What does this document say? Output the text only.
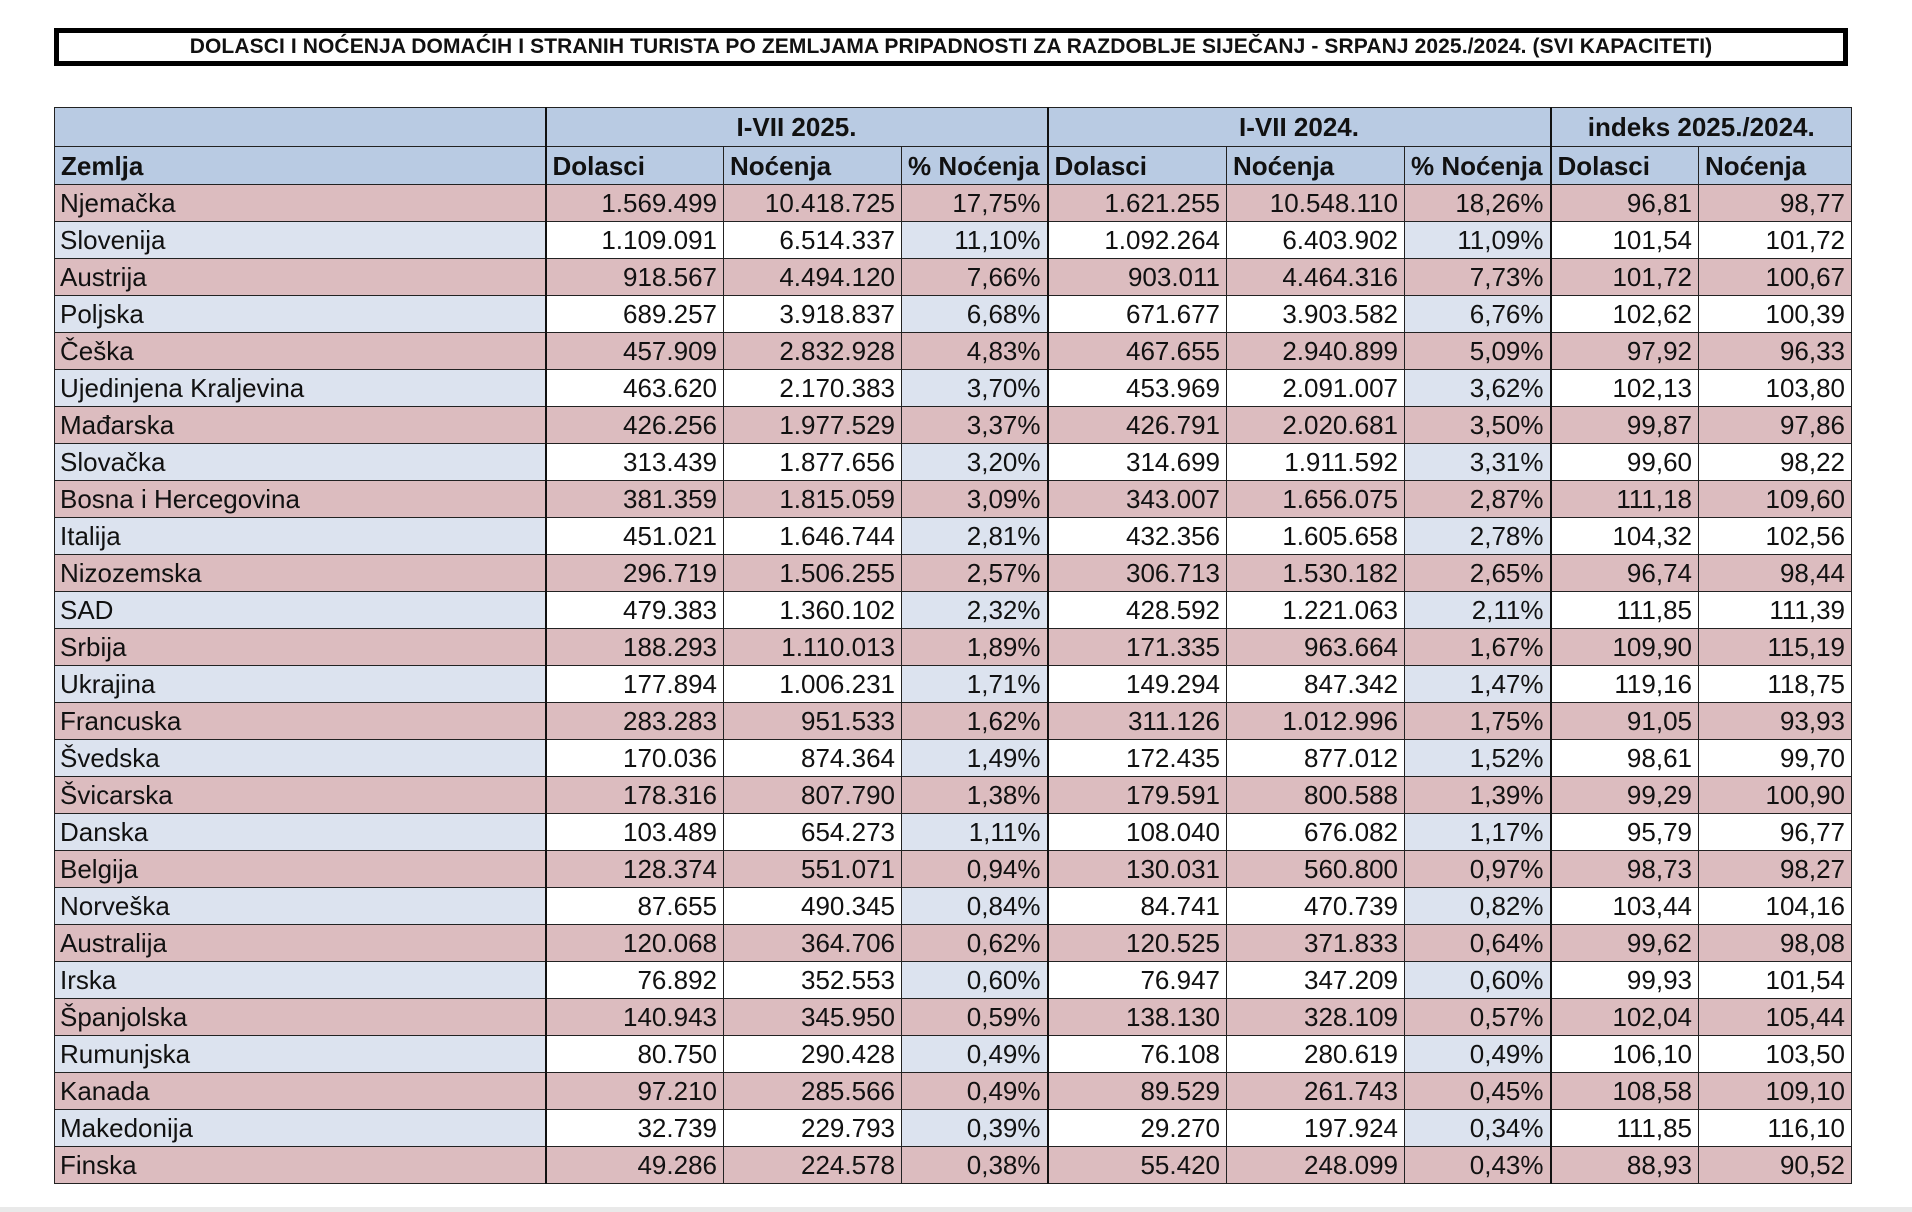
DOLASCI I NOĆENJA DOMAĆIH I STRANIH TURISTA PO ZEMLJAMA PRIPADNOSTI ZA RAZDOBLJE SIJEČANJ - SRPANJ 2025./2024. (SVI KAPACITETI)
	I-VII 2025.			I-VII 2024.			indeks 2025./2024.	
Zemlja	Dolasci	Noćenja	% Noćenja	Dolasci	Noćenja	% Noćenja	Dolasci	Noćenja
Njemačka	1.569.499	10.418.725	17,75%	1.621.255	10.548.110	18,26%	96,81	98,77
Slovenija	1.109.091	6.514.337	11,10%	1.092.264	6.403.902	11,09%	101,54	101,72
Austrija	918.567	4.494.120	7,66%	903.011	4.464.316	7,73%	101,72	100,67
Poljska	689.257	3.918.837	6,68%	671.677	3.903.582	6,76%	102,62	100,39
Češka	457.909	2.832.928	4,83%	467.655	2.940.899	5,09%	97,92	96,33
Ujedinjena Kraljevina	463.620	2.170.383	3,70%	453.969	2.091.007	3,62%	102,13	103,80
Mađarska	426.256	1.977.529	3,37%	426.791	2.020.681	3,50%	99,87	97,86
Slovačka	313.439	1.877.656	3,20%	314.699	1.911.592	3,31%	99,60	98,22
Bosna i Hercegovina	381.359	1.815.059	3,09%	343.007	1.656.075	2,87%	111,18	109,60
Italija	451.021	1.646.744	2,81%	432.356	1.605.658	2,78%	104,32	102,56
Nizozemska	296.719	1.506.255	2,57%	306.713	1.530.182	2,65%	96,74	98,44
SAD	479.383	1.360.102	2,32%	428.592	1.221.063	2,11%	111,85	111,39
Srbija	188.293	1.110.013	1,89%	171.335	963.664	1,67%	109,90	115,19
Ukrajina	177.894	1.006.231	1,71%	149.294	847.342	1,47%	119,16	118,75
Francuska	283.283	951.533	1,62%	311.126	1.012.996	1,75%	91,05	93,93
Švedska	170.036	874.364	1,49%	172.435	877.012	1,52%	98,61	99,70
Švicarska	178.316	807.790	1,38%	179.591	800.588	1,39%	99,29	100,90
Danska	103.489	654.273	1,11%	108.040	676.082	1,17%	95,79	96,77
Belgija	128.374	551.071	0,94%	130.031	560.800	0,97%	98,73	98,27
Norveška	87.655	490.345	0,84%	84.741	470.739	0,82%	103,44	104,16
Australija	120.068	364.706	0,62%	120.525	371.833	0,64%	99,62	98,08
Irska	76.892	352.553	0,60%	76.947	347.209	0,60%	99,93	101,54
Španjolska	140.943	345.950	0,59%	138.130	328.109	0,57%	102,04	105,44
Rumunjska	80.750	290.428	0,49%	76.108	280.619	0,49%	106,10	103,50
Kanada	97.210	285.566	0,49%	89.529	261.743	0,45%	108,58	109,10
Makedonija	32.739	229.793	0,39%	29.270	197.924	0,34%	111,85	116,10
Finska	49.286	224.578	0,38%	55.420	248.099	0,43%	88,93	90,52
